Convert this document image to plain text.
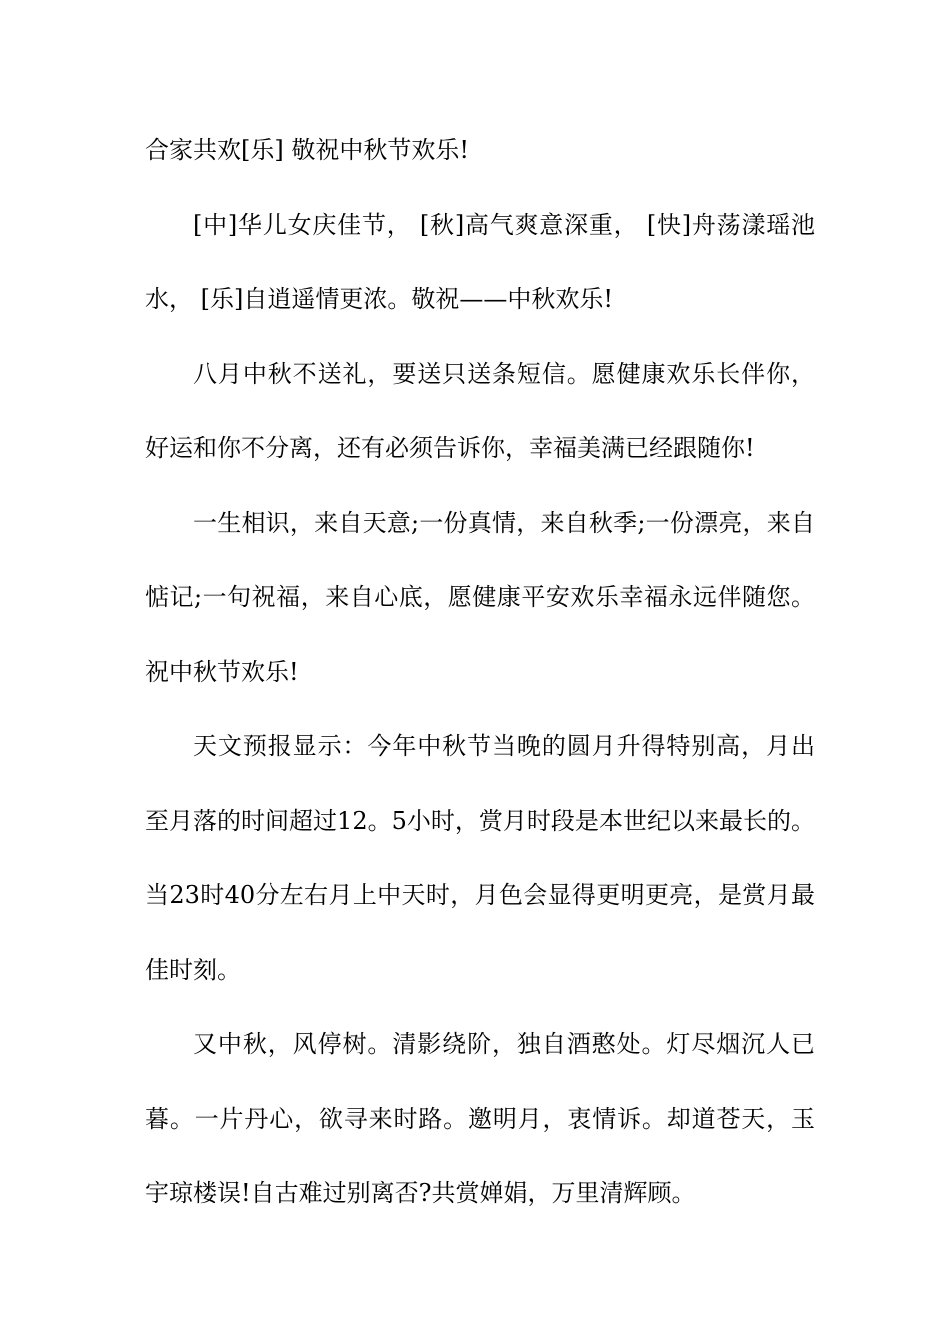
合家共欢[乐] 敬祝中秋节欢乐!

[中]华儿女庆佳节， [秋]高气爽意深重， [快]舟荡漾瑶池水， [乐]自逍遥情更浓。敬祝——中秋欢乐!

八月中秋不送礼，要送只送条短信。愿健康欢乐长伴你，好运和你不分离，还有必须告诉你，幸福美满已经跟随你!

一生相识，来自天意;一份真情，来自秋季;一份漂亮，来自惦记;一句祝福，来自心底，愿健康平安欢乐幸福永远伴随您。祝中秋节欢乐!

天文预报显示：今年中秋节当晚的圆月升得特别高，月出至月落的时间超过12。5小时，赏月时段是本世纪以来最长的。当23时40分左右月上中天时，月色会显得更明更亮，是赏月最佳时刻。

又中秋，风停树。清影绕阶，独自酒憨处。灯尽烟沉人已暮。一片丹心，欲寻来时路。邀明月，衷情诉。却道苍天，玉宇琼楼误!自古难过别离否?共赏婵娟，万里清辉顾。
